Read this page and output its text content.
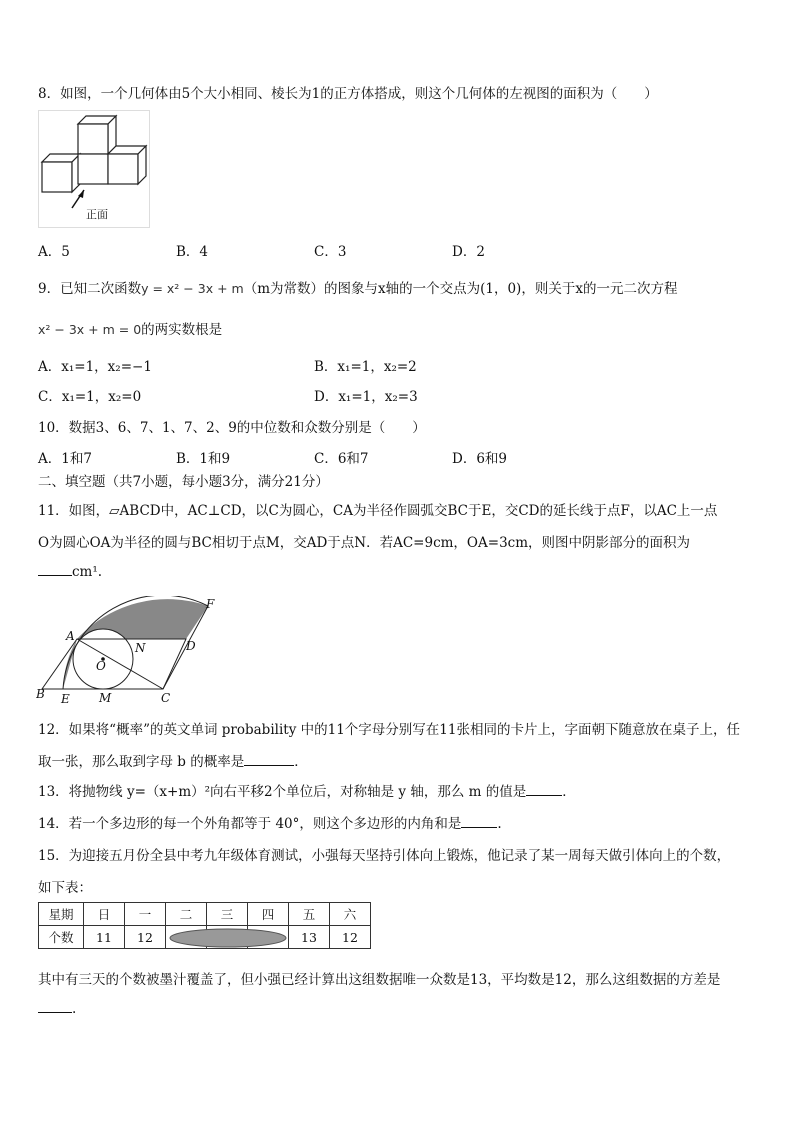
8．如图，一个几何体由5个大小相同、棱长为1的正方体搭成，则这个几何体的左视图的面积为（　　）
正面
A．5	B．4	C．3	D．2
9．已知二次函数y = x² − 3x + m（m为常数）的图象与x轴的一个交点为(1，0)，则关于x的一元二次方程
x² − 3x + m = 0的两实数根是
A．x₁=1，x₂=−1	B．x₁=1，x₂=2
C．x₁=1，x₂=0	D．x₁=1，x₂=3
10．数据3、6、7、1、7、2、9的中位数和众数分别是（　　）
A．1和7	B．1和9	C．6和7	D．6和9
二、填空题（共7小题，每小题3分，满分21分）
11．如图，▱ABCD中，AC⊥CD，以C为圆心，CA为半径作圆弧交BC于E，交CD的延长线于点F，以AC上一点
O为圆心OA为半径的圆与BC相切于点M，交AD于点N．若AC=9cm，OA=3cm，则图中阴影部分的面积为
cm¹.
A
B	C
D
E
F
M
N
O
12．如果将“概率”的英文单词 probability 中的11个字母分别写在11张相同的卡片上，字面朝下随意放在桌子上，任
取一张，那么取到字母 b 的概率是	．
13．将抛物线 y=（x+m）²向右平移2个单位后，对称轴是 y 轴，那么 m 的值是	．
14．若一个多边形的每一个外角都等于 40°，则这个多边形的内角和是	.
15．为迎接五月份全县中考九年级体育测试，小强每天坚持引体向上锻炼，他记录了某一周每天做引体向上的个数，
如下表：
星期	日	一	二	三	四	五	六
个数	11	12				13	12
其中有三天的个数被墨汁覆盖了，但小强已经计算出这组数据唯一众数是13，平均数是12，那么这组数据的方差是
.
